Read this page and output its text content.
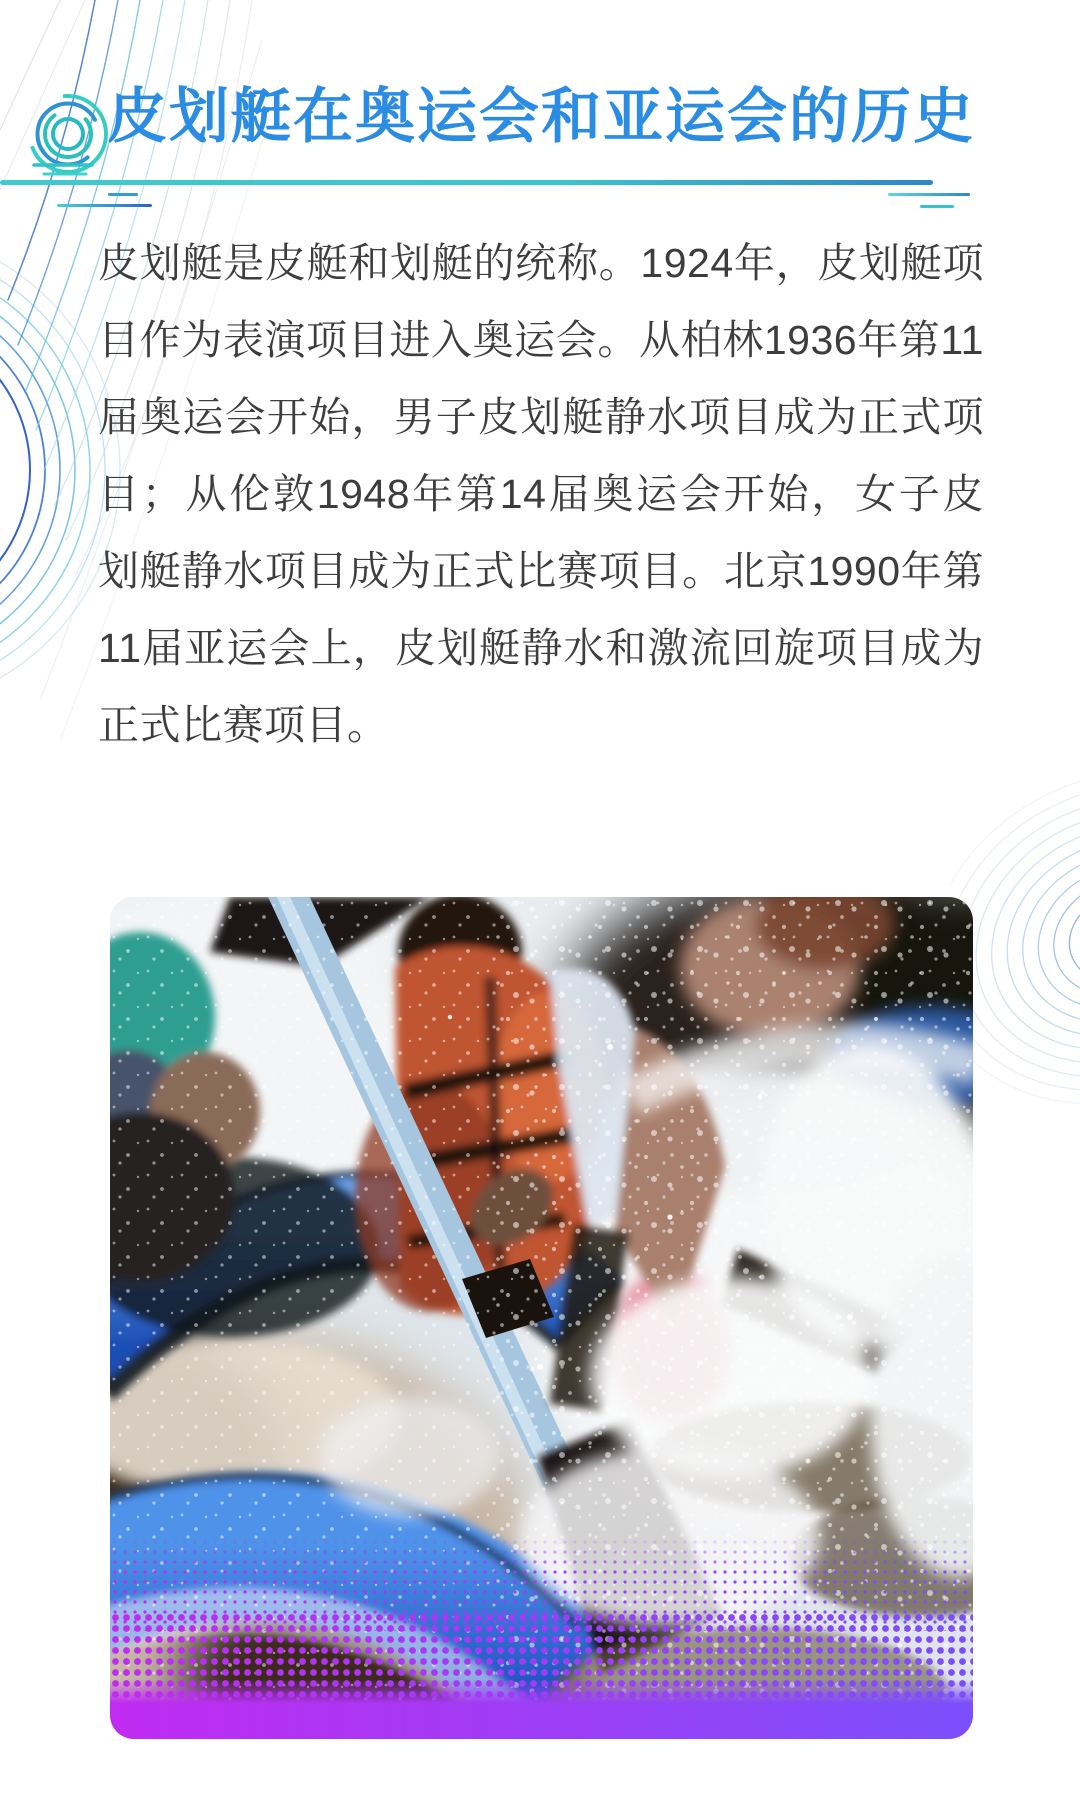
皮划艇在奥运会和亚运会的历史

皮划艇是皮艇和划艇的统称。1924年，皮划艇项目作为表演项目进入奥运会。从柏林1936年第11届奥运会开始，男子皮划艇静水项目成为正式项目；从伦敦1948年第14届奥运会开始，女子皮划艇静水项目成为正式比赛项目。北京1990年第11届亚运会上，皮划艇静水和激流回旋项目成为正式比赛项目。
